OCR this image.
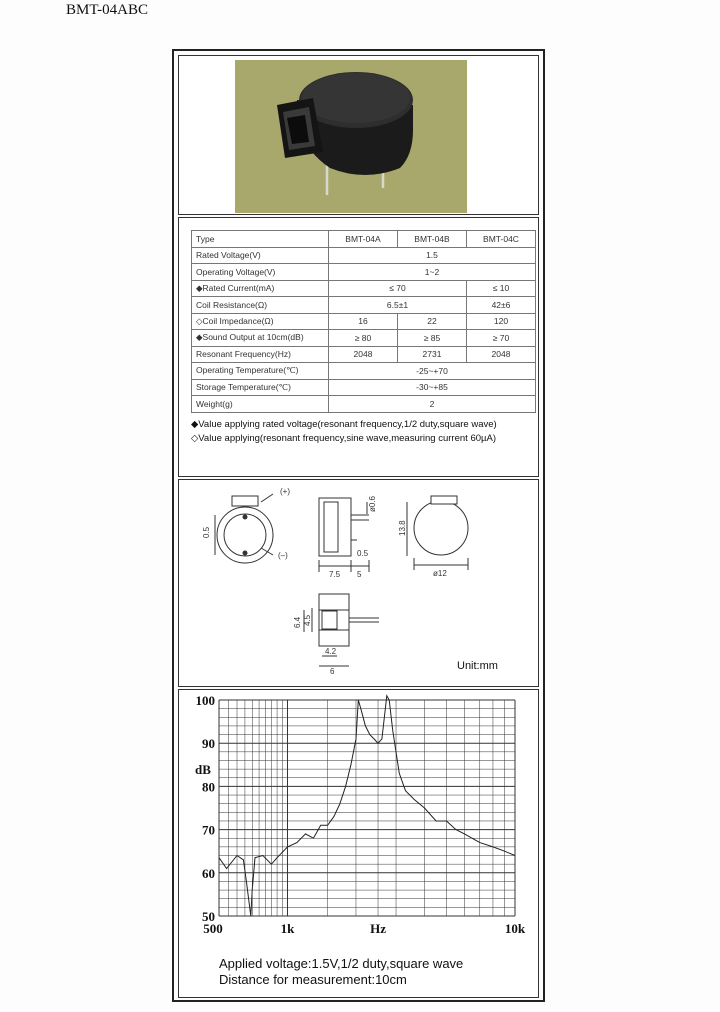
BMT-04ABC
Type	BMT-04A	BMT-04B	BMT-04C
Rated Voltage(V)	1.5		
Operating Voltage(V)	1~2		
◆Rated Current(mA)	≤ 70		≤ 10
Coil Resistance(Ω)	6.5±1		42±6
◇Coil Impedance(Ω)	16	22	120
◆Sound Output at 10cm(dB)	≥ 80	≥ 85	≥ 70
Resonant Frequency(Hz)	2048	2731	2048
Operating Temperature(℃)	-25~+70		
Storage Temperature(℃)	-30~+85		
Weight(g)	2		
◆Value applying rated voltage(resonant frequency,1/2 duty,square wave)
◇Value applying(resonant frequency,sine wave,measuring current 60µA)
(+)
(–)
0.5
ø0.6
0.5
7.5 5
13.8
ø12
6.4 4.5
4.2
6	Unit:mm
100
90
80
70
60
50
500	1k	Hz	10k
dB
Applied voltage:1.5V,1/2 duty,square wave
Distance for measurement:10cm
